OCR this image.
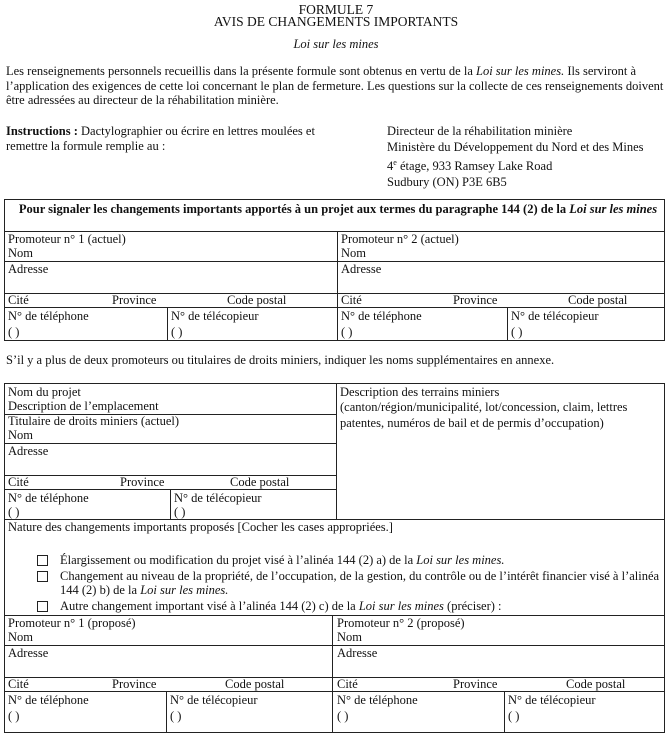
FORMULE 7
AVIS DE CHANGEMENTS IMPORTANTS
Loi sur les mines
Les renseignements personnels recueillis dans la présente formule sont obtenus en vertu de la Loi sur les mines. Ils serviront à l’application des exigences de cette loi concernant le plan de fermeture. Les questions sur la collecte de ces renseignements doivent être adressées au directeur de la réhabilitation minière.
Instructions : Dactylographier ou écrire en lettres moulées et remettre la formule remplie au :
Directeur de la réhabilitation minière
Ministère du Développement du Nord et des Mines
4e étage, 933 Ramsey Lake Road
Sudbury (ON) P3E 6B5
Pour signaler les changements importants apportés à un projet aux termes du paragraphe 144 (2) de la Loi sur les mines
Promoteur n° 1 (actuel)
Nom
Adresse
Cité	Province	Code postal
N° de téléphone
( )
N° de télécopieur
( )
Promoteur n° 2 (actuel)
Nom
Adresse
Cité	Province	Code postal
N° de téléphone
( )
N° de télécopieur
( )
S’il y a plus de deux promoteurs ou titulaires de droits miniers, indiquer les noms supplémentaires en annexe.
Nom du projet
Description de l’emplacement
Titulaire de droits miniers (actuel)
Nom
Adresse
Cité	Province	Code postal
N° de téléphone
( )
N° de télécopieur
( )
Description des terrains miniers
(canton/région/municipalité, lot/concession, claim, lettres patentes, numéros de bail et de permis d’occupation)
Nature des changements importants proposés [Cocher les cases appropriées.]
Élargissement ou modification du projet visé à l’alinéa 144 (2) a) de la Loi sur les mines.
Changement au niveau de la propriété, de l’occupation, de la gestion, du contrôle ou de l’intérêt financier visé à l’alinéa 144 (2) b) de la Loi sur les mines.
Autre changement important visé à l’alinéa 144 (2) c) de la Loi sur les mines (préciser) :
Promoteur n° 1 (proposé)
Nom
Adresse
Cité	Province	Code postal
N° de téléphone
( )
N° de télécopieur
( )
Promoteur n° 2 (proposé)
Nom
Adresse
Cité	Province	Code postal
N° de téléphone
( )
N° de télécopieur
( )
